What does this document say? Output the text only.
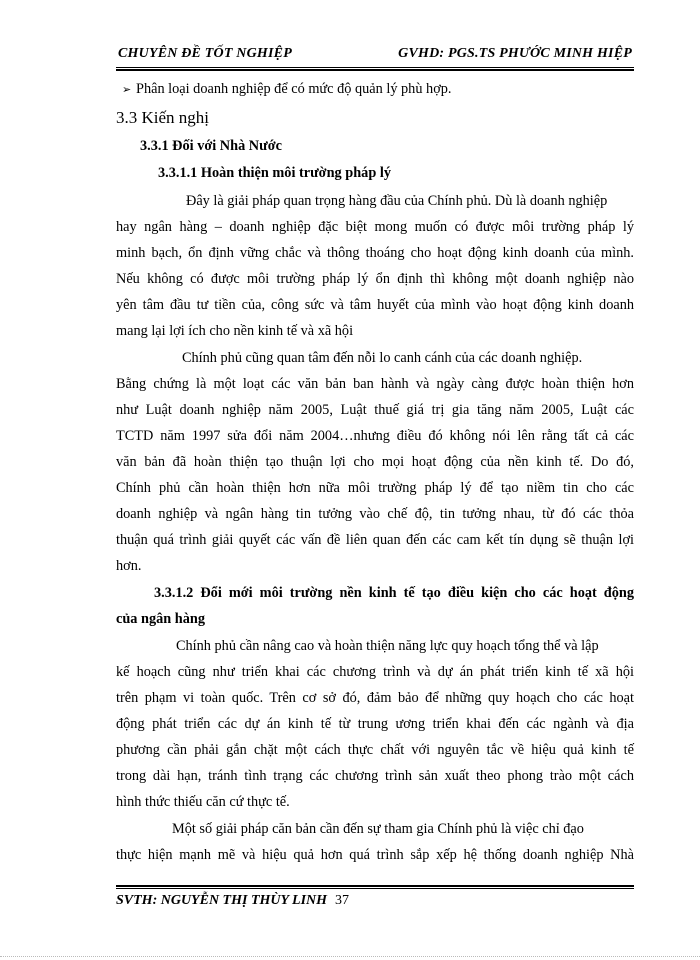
CHUYÊN ĐỀ TỐT NGHIỆP	GVHD: PGS.TS PHƯỚC MINH HIỆP
➢ Phân loại doanh nghiệp để có mức độ quản lý phù hợp.
3.3 Kiến nghị
3.3.1 Đối với Nhà Nước
3.3.1.1 Hoàn thiện môi trường pháp lý
Đây là giải pháp quan trọng hàng đầu của Chính phủ. Dù là doanh nghiệp
hay ngân hàng – doanh nghiệp đặc biệt mong muốn có được môi trường pháp lý
minh bạch, ổn định vững chắc và thông thoáng cho hoạt động kinh doanh của mình.
Nếu không có được môi trường pháp lý ổn định thì không một doanh nghiệp nào
yên tâm đầu tư tiền của, công sức và tâm huyết của mình vào hoạt động kinh doanh
mang lại lợi ích cho nền kinh tế và xã hội
Chính phủ cũng quan tâm đến nỗi lo canh cánh của các doanh nghiệp.
Bằng chứng là một loạt các văn bản ban hành và ngày càng được hoàn thiện hơn
như Luật doanh nghiệp năm 2005, Luật thuế giá trị gia tăng năm 2005, Luật các
TCTD năm 1997 sửa đổi năm 2004…nhưng điều đó không nói lên rằng tất cả các
văn bản đã hoàn thiện tạo thuận lợi cho mọi hoạt động của nền kinh tế. Do đó,
Chính phủ cần hoàn thiện hơn nữa môi trường pháp lý để tạo niềm tin cho các
doanh nghiệp và ngân hàng tin tưởng vào chế độ, tin tưởng nhau, từ đó các thỏa
thuận quá trình giải quyết các vấn đề liên quan đến các cam kết tín dụng sẽ thuận lợi
hơn.
3.3.1.2 Đổi mới môi trường nền kinh tế tạo điều kiện cho các hoạt động
của ngân hàng
Chính phủ cần nâng cao và hoàn thiện năng lực quy hoạch tổng thể và lập
kế hoạch cũng như triển khai các chương trình và dự án phát triển kinh tế xã hội
trên phạm vi toàn quốc. Trên cơ sở đó, đảm bảo để những quy hoạch cho các hoạt
động phát triển các dự án kinh tế từ trung ương triển khai đến các ngành và địa
phương cần phải gắn chặt một cách thực chất với nguyên tắc về hiệu quả kinh tế
trong dài hạn, tránh tình trạng các chương trình sản xuất theo phong trào một cách
hình thức thiếu căn cứ thực tế.
Một số giải pháp căn bản cần đến sự tham gia Chính phủ là việc chỉ đạo
thực hiện mạnh mẽ và hiệu quả hơn quá trình sắp xếp hệ thống doanh nghiệp Nhà
SVTH: NGUYỄN THỊ THÙY LINH 37
